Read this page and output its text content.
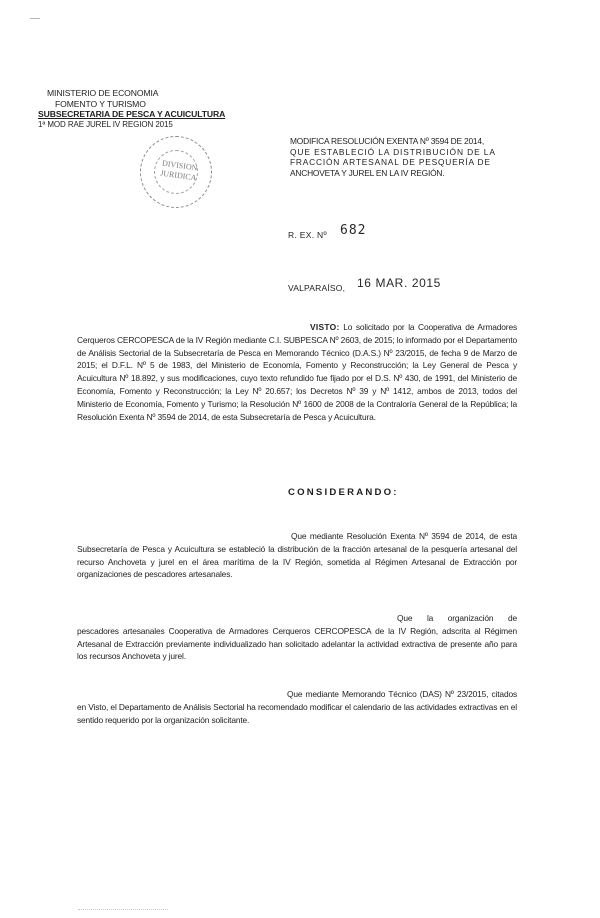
MINISTERIO DE ECONOMIA
FOMENTO Y TURISMO
SUBSECRETARIA DE PESCA Y ACUICULTURA
1ª MOD RAE JUREL IV REGION 2015
DIVISION JURIDICA
MODIFICA RESOLUCIÓN EXENTA Nº 3594 DE 2014,
QUE ESTABLECIÓ LA DISTRIBUCIÓN DE LA
FRACCIÓN ARTESANAL DE PESQUERÍA DE
ANCHOVETA Y JUREL EN LA IV REGIÓN.
R. EX. Nº 682
VALPARAÍSO, 16 MAR. 2015
VISTO: Lo solicitado por la Cooperativa de Armadores Cerqueros CERCOPESCA de la IV Región mediante C.I. SUBPESCA Nº 2603, de 2015; lo informado por el Departamento de Análisis Sectorial de la Subsecretaría de Pesca en Memorando Técnico (D.A.S.) Nº 23/2015, de fecha 9 de Marzo de 2015; el D.F.L. Nº 5 de 1983, del Ministerio de Economía, Fomento y Reconstrucción; la Ley General de Pesca y Acuicultura Nº 18.892, y sus modificaciones, cuyo texto refundido fue fijado por el D.S. Nº 430, de 1991, del Ministerio de Economía, Fomento y Reconstrucción; la Ley Nº 20.657; los Decretos Nº 39 y Nº 1412, ambos de 2013, todos del Ministerio de Economía, Fomento y Turismo; la Resolución Nº 1600 de 2008 de la Contraloría General de la República; la Resolución Exenta Nº 3594 de 2014, de esta Subsecretaría de Pesca y Acuicultura.
CONSIDERANDO:
Que mediante Resolución Exenta Nº 3594 de 2014, de esta Subsecretaría de Pesca y Acuicultura se estableció la distribución de la fracción artesanal de la pesquería artesanal del recurso Anchoveta y jurel en el área marítima de la IV Región, sometida al Régimen Artesanal de Extracción por organizaciones de pescadores artesanales.
Que la organización de pescadores artesanales Cooperativa de Armadores Cerqueros CERCOPESCA de la IV Región, adscrita al Régimen Artesanal de Extracción previamente individualizado han solicitado adelantar la actividad extractiva de presente año para los recursos Anchoveta y jurel.
Que mediante Memorando Técnico (DAS) Nº 23/2015, citados en Visto, el Departamento de Análisis Sectorial ha recomendado modificar el calendario de las actividades extractivas en el sentido requerido por la organización solicitante.
